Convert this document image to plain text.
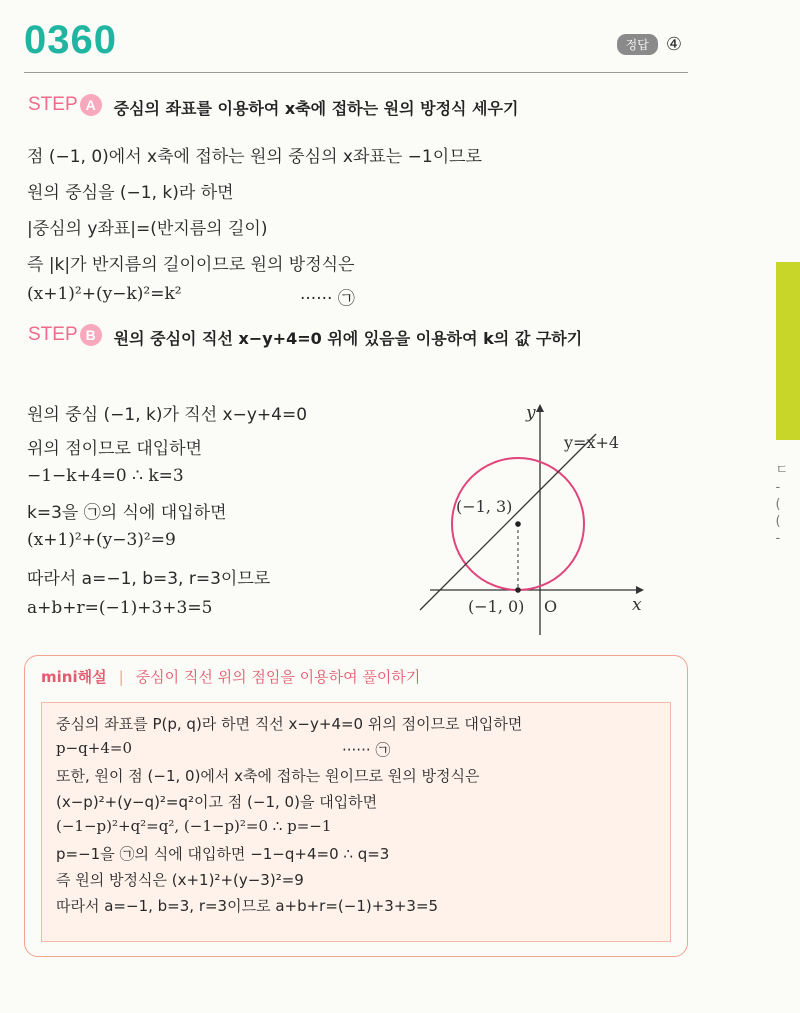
0360	정답 ④
STEP A	중심의 좌표를 이용하여 x축에 접하는 원의 방정식 세우기
점 (−1, 0)에서 x축에 접하는 원의 중심의 x좌표는 −1이므로
원의 중심을 (−1, k)라 하면
|중심의 y좌표|=(반지름의 길이)
즉 |k|가 반지름의 길이이므로 원의 방정식은
(x+1)²+(y−k)²=k²	······ ㉠
STEP B	원의 중심이 직선 x−y+4=0 위에 있음을 이용하여 k의 값 구하기
원의 중심 (−1, k)가 직선 x−y+4=0
위의 점이므로 대입하면
−1−k+4=0 ∴ k=3
k=3을 ㉠의 식에 대입하면
(x+1)²+(y−3)²=9
따라서 a=−1, b=3, r=3이므로
a+b+r=(−1)+3+3=5
y
x
O
y=x+4
(−1, 3)
(−1, 0)
ㄷ
-
(
(
-
mini해설 | 중심이 직선 위의 점임을 이용하여 풀이하기
중심의 좌표를 P(p, q)라 하면 직선 x−y+4=0 위의 점이므로 대입하면
p−q+4=0	······ ㉠
또한, 원이 점 (−1, 0)에서 x축에 접하는 원이므로 원의 방정식은
(x−p)²+(y−q)²=q²이고 점 (−1, 0)을 대입하면
(−1−p)²+q²=q², (−1−p)²=0 ∴ p=−1
p=−1을 ㉠의 식에 대입하면 −1−q+4=0 ∴ q=3
즉 원의 방정식은 (x+1)²+(y−3)²=9
따라서 a=−1, b=3, r=3이므로 a+b+r=(−1)+3+3=5
